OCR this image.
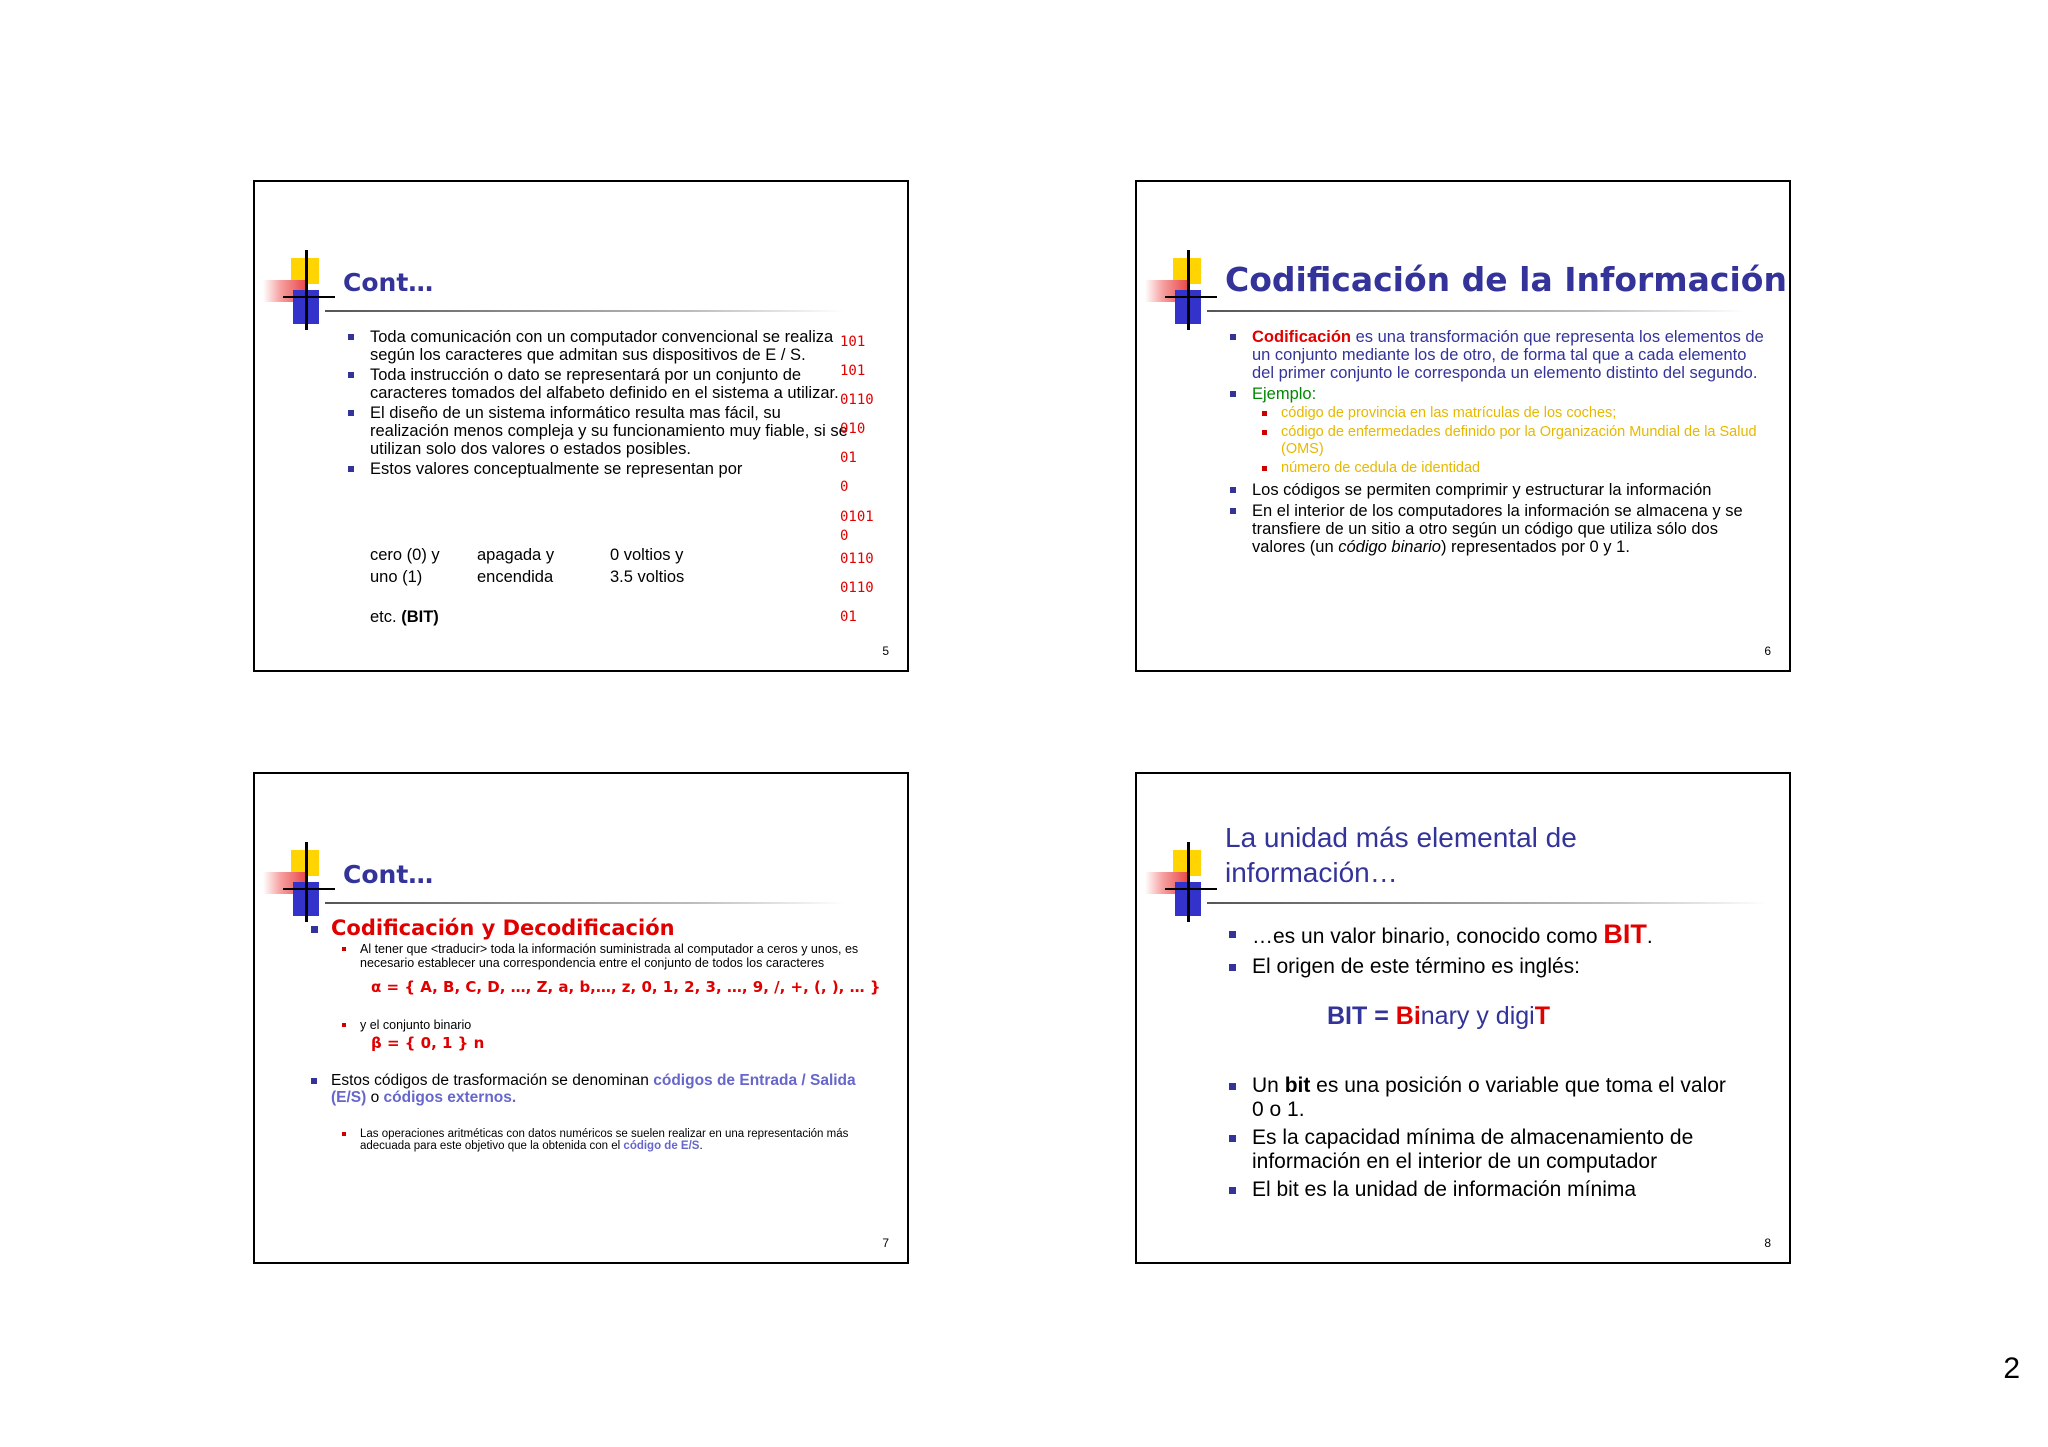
Cont…
Toda comunicación con un computador convencional se realiza según los caracteres que admitan sus dispositivos de E / S.
Toda instrucción o dato se representará por un conjunto de caracteres tomados del alfabeto definido en el sistema a utilizar.
El diseño de un sistema informático resulta mas fácil, su realización menos compleja y su funcionamiento muy fiable, si se utilizan solo dos valores o estados posibles.
Estos valores conceptualmente se representan por
cero (0) y
uno (1)
apagada y
encendida
0 voltios y
3.5 voltios
etc. (BIT)
101
101
0110
010
01
0
0101
0
0110
0110
01
5
Codificación de la Información
Codificación es una transformación que representa los elementos de un conjunto mediante los de otro, de forma tal que a cada elemento del primer conjunto le corresponda un elemento distinto del segundo.
Ejemplo:
código de provincia en las matrículas de los coches;
código de enfermedades definido por la Organización Mundial de la Salud (OMS)
número de cedula de identidad
Los códigos se permiten comprimir y estructurar la información
En el interior de los computadores la información se almacena y se transfiere de un sitio a otro según un código que utiliza sólo dos valores (un código binario) representados por 0 y 1.
6
Cont…
Codificación y Decodificación
Al tener que <traducir> toda la información suministrada al computador a ceros y unos, es necesario establecer una correspondencia entre el conjunto de todos los caracteres
α = { A, B, C, D, …, Z, a, b,…, z, 0, 1, 2, 3, …, 9, /, +, (, ), … }
y el conjunto binario
β = { 0, 1 } n
Estos códigos de trasformación se denominan códigos de Entrada / Salida (E/S) o códigos externos.
Las operaciones aritméticas con datos numéricos se suelen realizar en una representación más adecuada para este objetivo que la obtenida con el código de E/S.
7
La unidad más elemental de
información…
…es un valor binario, conocido como BIT.
El origen de este término es inglés:
BIT = Binary y digiT
Un bit es una posición o variable que toma el valor 0 o 1.
Es la capacidad mínima de almacenamiento de información en el interior de un computador
El bit es la unidad de información mínima
8
2
